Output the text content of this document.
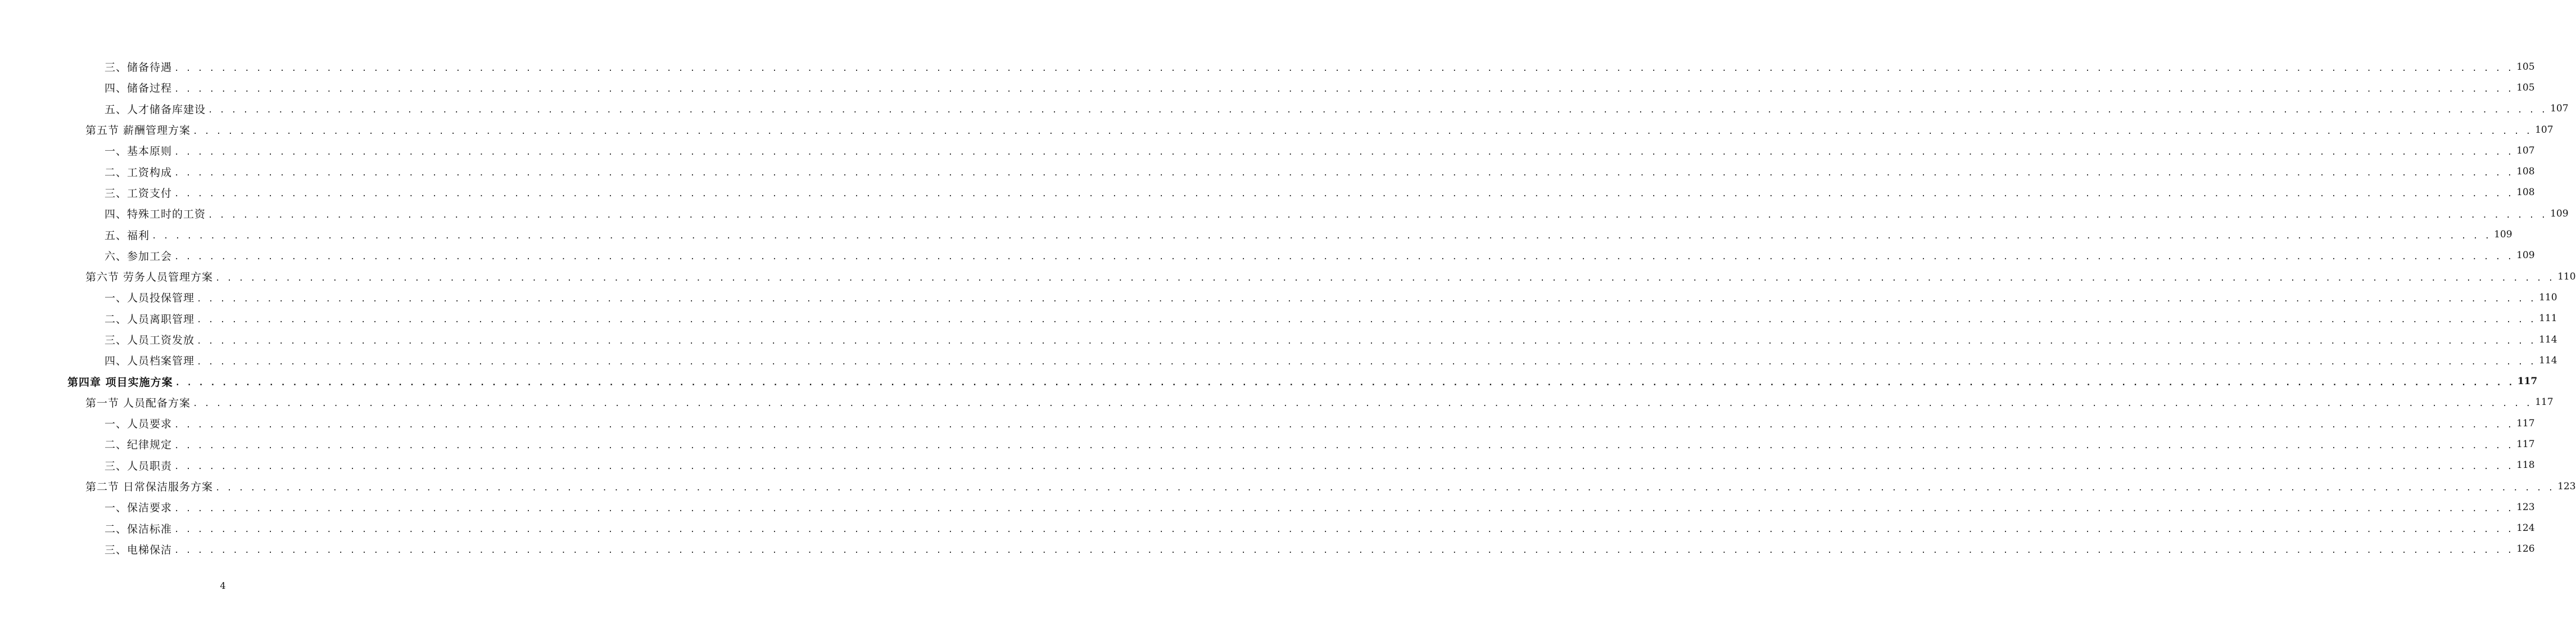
三、储备待遇 . . . . . . . . . . . . . . . . . . . . . . . . . . . . . . . . . . . . . . . . . . . . . . . . . . . . . . . . . . . . . . . . . . . . . . . . . . . . . . . . . . . . . . . . . . . . . . . . . . . . . . . . . . . . . . . . . . . . . . . . . . . . . . . . . . . . . . . . . . . . . . . . . . . . . . . . . . . . . . . . . . . . . . . . . . . . . . . . . . . . . . . . . . . . . . . . . . . . . . . . 105
四、储备过程 . . . . . . . . . . . . . . . . . . . . . . . . . . . . . . . . . . . . . . . . . . . . . . . . . . . . . . . . . . . . . . . . . . . . . . . . . . . . . . . . . . . . . . . . . . . . . . . . . . . . . . . . . . . . . . . . . . . . . . . . . . . . . . . . . . . . . . . . . . . . . . . . . . . . . . . . . . . . . . . . . . . . . . . . . . . . . . . . . . . . . . . . . . . . . . . . . . . . . . . . 105
五、人才储备库建设 . . . . . . . . . . . . . . . . . . . . . . . . . . . . . . . . . . . . . . . . . . . . . . . . . . . . . . . . . . . . . . . . . . . . . . . . . . . . . . . . . . . . . . . . . . . . . . . . . . . . . . . . . . . . . . . . . . . . . . . . . . . . . . . . . . . . . . . . . . . . . . . . . . . . . . . . . . . . . . . . . . . . . . . . . . . . . . . . . . . . . . . . . . . . . . . . . . . . . . . . 107
第五节 薪酬管理方案 . . . . . . . . . . . . . . . . . . . . . . . . . . . . . . . . . . . . . . . . . . . . . . . . . . . . . . . . . . . . . . . . . . . . . . . . . . . . . . . . . . . . . . . . . . . . . . . . . . . . . . . . . . . . . . . . . . . . . . . . . . . . . . . . . . . . . . . . . . . . . . . . . . . . . . . . . . . . . . . . . . . . . . . . . . . . . . . . . . . . . . . . . . . . . . . . . . . . . . . . 107
一、基本原则 . . . . . . . . . . . . . . . . . . . . . . . . . . . . . . . . . . . . . . . . . . . . . . . . . . . . . . . . . . . . . . . . . . . . . . . . . . . . . . . . . . . . . . . . . . . . . . . . . . . . . . . . . . . . . . . . . . . . . . . . . . . . . . . . . . . . . . . . . . . . . . . . . . . . . . . . . . . . . . . . . . . . . . . . . . . . . . . . . . . . . . . . . . . . . . . . . . . . . . . . 107
二、工资构成 . . . . . . . . . . . . . . . . . . . . . . . . . . . . . . . . . . . . . . . . . . . . . . . . . . . . . . . . . . . . . . . . . . . . . . . . . . . . . . . . . . . . . . . . . . . . . . . . . . . . . . . . . . . . . . . . . . . . . . . . . . . . . . . . . . . . . . . . . . . . . . . . . . . . . . . . . . . . . . . . . . . . . . . . . . . . . . . . . . . . . . . . . . . . . . . . . . . . . . . . 108
三、工资支付 . . . . . . . . . . . . . . . . . . . . . . . . . . . . . . . . . . . . . . . . . . . . . . . . . . . . . . . . . . . . . . . . . . . . . . . . . . . . . . . . . . . . . . . . . . . . . . . . . . . . . . . . . . . . . . . . . . . . . . . . . . . . . . . . . . . . . . . . . . . . . . . . . . . . . . . . . . . . . . . . . . . . . . . . . . . . . . . . . . . . . . . . . . . . . . . . . . . . . . . . 108
四、特殊工时的工资 . . . . . . . . . . . . . . . . . . . . . . . . . . . . . . . . . . . . . . . . . . . . . . . . . . . . . . . . . . . . . . . . . . . . . . . . . . . . . . . . . . . . . . . . . . . . . . . . . . . . . . . . . . . . . . . . . . . . . . . . . . . . . . . . . . . . . . . . . . . . . . . . . . . . . . . . . . . . . . . . . . . . . . . . . . . . . . . . . . . . . . . . . . . . . . . . . . . . . . . . 109
五、福利 . . . . . . . . . . . . . . . . . . . . . . . . . . . . . . . . . . . . . . . . . . . . . . . . . . . . . . . . . . . . . . . . . . . . . . . . . . . . . . . . . . . . . . . . . . . . . . . . . . . . . . . . . . . . . . . . . . . . . . . . . . . . . . . . . . . . . . . . . . . . . . . . . . . . . . . . . . . . . . . . . . . . . . . . . . . . . . . . . . . . . . . . . . . . . . . . . . . . . . . . 109
六、参加工会 . . . . . . . . . . . . . . . . . . . . . . . . . . . . . . . . . . . . . . . . . . . . . . . . . . . . . . . . . . . . . . . . . . . . . . . . . . . . . . . . . . . . . . . . . . . . . . . . . . . . . . . . . . . . . . . . . . . . . . . . . . . . . . . . . . . . . . . . . . . . . . . . . . . . . . . . . . . . . . . . . . . . . . . . . . . . . . . . . . . . . . . . . . . . . . . . . . . . . . . . 109
第六节 劳务人员管理方案 . . . . . . . . . . . . . . . . . . . . . . . . . . . . . . . . . . . . . . . . . . . . . . . . . . . . . . . . . . . . . . . . . . . . . . . . . . . . . . . . . . . . . . . . . . . . . . . . . . . . . . . . . . . . . . . . . . . . . . . . . . . . . . . . . . . . . . . . . . . . . . . . . . . . . . . . . . . . . . . . . . . . . . . . . . . . . . . . . . . . . . . . . . . . . . . . . . . . . . . . 110
一、人员投保管理 . . . . . . . . . . . . . . . . . . . . . . . . . . . . . . . . . . . . . . . . . . . . . . . . . . . . . . . . . . . . . . . . . . . . . . . . . . . . . . . . . . . . . . . . . . . . . . . . . . . . . . . . . . . . . . . . . . . . . . . . . . . . . . . . . . . . . . . . . . . . . . . . . . . . . . . . . . . . . . . . . . . . . . . . . . . . . . . . . . . . . . . . . . . . . . . . . . . . . . . . 110
二、人员离职管理 . . . . . . . . . . . . . . . . . . . . . . . . . . . . . . . . . . . . . . . . . . . . . . . . . . . . . . . . . . . . . . . . . . . . . . . . . . . . . . . . . . . . . . . . . . . . . . . . . . . . . . . . . . . . . . . . . . . . . . . . . . . . . . . . . . . . . . . . . . . . . . . . . . . . . . . . . . . . . . . . . . . . . . . . . . . . . . . . . . . . . . . . . . . . . . . . . . . . . . . . 111
三、人员工资发放 . . . . . . . . . . . . . . . . . . . . . . . . . . . . . . . . . . . . . . . . . . . . . . . . . . . . . . . . . . . . . . . . . . . . . . . . . . . . . . . . . . . . . . . . . . . . . . . . . . . . . . . . . . . . . . . . . . . . . . . . . . . . . . . . . . . . . . . . . . . . . . . . . . . . . . . . . . . . . . . . . . . . . . . . . . . . . . . . . . . . . . . . . . . . . . . . . . . . . . . . 114
四、人员档案管理 . . . . . . . . . . . . . . . . . . . . . . . . . . . . . . . . . . . . . . . . . . . . . . . . . . . . . . . . . . . . . . . . . . . . . . . . . . . . . . . . . . . . . . . . . . . . . . . . . . . . . . . . . . . . . . . . . . . . . . . . . . . . . . . . . . . . . . . . . . . . . . . . . . . . . . . . . . . . . . . . . . . . . . . . . . . . . . . . . . . . . . . . . . . . . . . . . . . . . . . . 114
第四章 项目实施方案 . . . . . . . . . . . . . . . . . . . . . . . . . . . . . . . . . . . . . . . . . . . . . . . . . . . . . . . . . . . . . . . . . . . . . . . . . . . . . . . . . . . . . . . . . . . . . . . . . . . . . . . . . . . . . . . . . . . . . . . . . . . . . . . . . . . . . . . . . . . . . . . . . . . . . . . . . . . . . . . . . . . . . . . . . . . . . . . . . . . . . . . . . . . . . . . . . . . . . . . . 117
第一节 人员配备方案 . . . . . . . . . . . . . . . . . . . . . . . . . . . . . . . . . . . . . . . . . . . . . . . . . . . . . . . . . . . . . . . . . . . . . . . . . . . . . . . . . . . . . . . . . . . . . . . . . . . . . . . . . . . . . . . . . . . . . . . . . . . . . . . . . . . . . . . . . . . . . . . . . . . . . . . . . . . . . . . . . . . . . . . . . . . . . . . . . . . . . . . . . . . . . . . . . . . . . . . . 117
一、人员要求 . . . . . . . . . . . . . . . . . . . . . . . . . . . . . . . . . . . . . . . . . . . . . . . . . . . . . . . . . . . . . . . . . . . . . . . . . . . . . . . . . . . . . . . . . . . . . . . . . . . . . . . . . . . . . . . . . . . . . . . . . . . . . . . . . . . . . . . . . . . . . . . . . . . . . . . . . . . . . . . . . . . . . . . . . . . . . . . . . . . . . . . . . . . . . . . . . . . . . . . . 117
二、纪律规定 . . . . . . . . . . . . . . . . . . . . . . . . . . . . . . . . . . . . . . . . . . . . . . . . . . . . . . . . . . . . . . . . . . . . . . . . . . . . . . . . . . . . . . . . . . . . . . . . . . . . . . . . . . . . . . . . . . . . . . . . . . . . . . . . . . . . . . . . . . . . . . . . . . . . . . . . . . . . . . . . . . . . . . . . . . . . . . . . . . . . . . . . . . . . . . . . . . . . . . . . 117
三、人员职责 . . . . . . . . . . . . . . . . . . . . . . . . . . . . . . . . . . . . . . . . . . . . . . . . . . . . . . . . . . . . . . . . . . . . . . . . . . . . . . . . . . . . . . . . . . . . . . . . . . . . . . . . . . . . . . . . . . . . . . . . . . . . . . . . . . . . . . . . . . . . . . . . . . . . . . . . . . . . . . . . . . . . . . . . . . . . . . . . . . . . . . . . . . . . . . . . . . . . . . . . 118
第二节 日常保洁服务方案 . . . . . . . . . . . . . . . . . . . . . . . . . . . . . . . . . . . . . . . . . . . . . . . . . . . . . . . . . . . . . . . . . . . . . . . . . . . . . . . . . . . . . . . . . . . . . . . . . . . . . . . . . . . . . . . . . . . . . . . . . . . . . . . . . . . . . . . . . . . . . . . . . . . . . . . . . . . . . . . . . . . . . . . . . . . . . . . . . . . . . . . . . . . . . . . . . . . . . . . . 123
一、保洁要求 . . . . . . . . . . . . . . . . . . . . . . . . . . . . . . . . . . . . . . . . . . . . . . . . . . . . . . . . . . . . . . . . . . . . . . . . . . . . . . . . . . . . . . . . . . . . . . . . . . . . . . . . . . . . . . . . . . . . . . . . . . . . . . . . . . . . . . . . . . . . . . . . . . . . . . . . . . . . . . . . . . . . . . . . . . . . . . . . . . . . . . . . . . . . . . . . . . . . . . . . 123
二、保洁标准 . . . . . . . . . . . . . . . . . . . . . . . . . . . . . . . . . . . . . . . . . . . . . . . . . . . . . . . . . . . . . . . . . . . . . . . . . . . . . . . . . . . . . . . . . . . . . . . . . . . . . . . . . . . . . . . . . . . . . . . . . . . . . . . . . . . . . . . . . . . . . . . . . . . . . . . . . . . . . . . . . . . . . . . . . . . . . . . . . . . . . . . . . . . . . . . . . . . . . . . . 124
三、电梯保洁 . . . . . . . . . . . . . . . . . . . . . . . . . . . . . . . . . . . . . . . . . . . . . . . . . . . . . . . . . . . . . . . . . . . . . . . . . . . . . . . . . . . . . . . . . . . . . . . . . . . . . . . . . . . . . . . . . . . . . . . . . . . . . . . . . . . . . . . . . . . . . . . . . . . . . . . . . . . . . . . . . . . . . . . . . . . . . . . . . . . . . . . . . . . . . . . . . . . . . . . . 126
4
